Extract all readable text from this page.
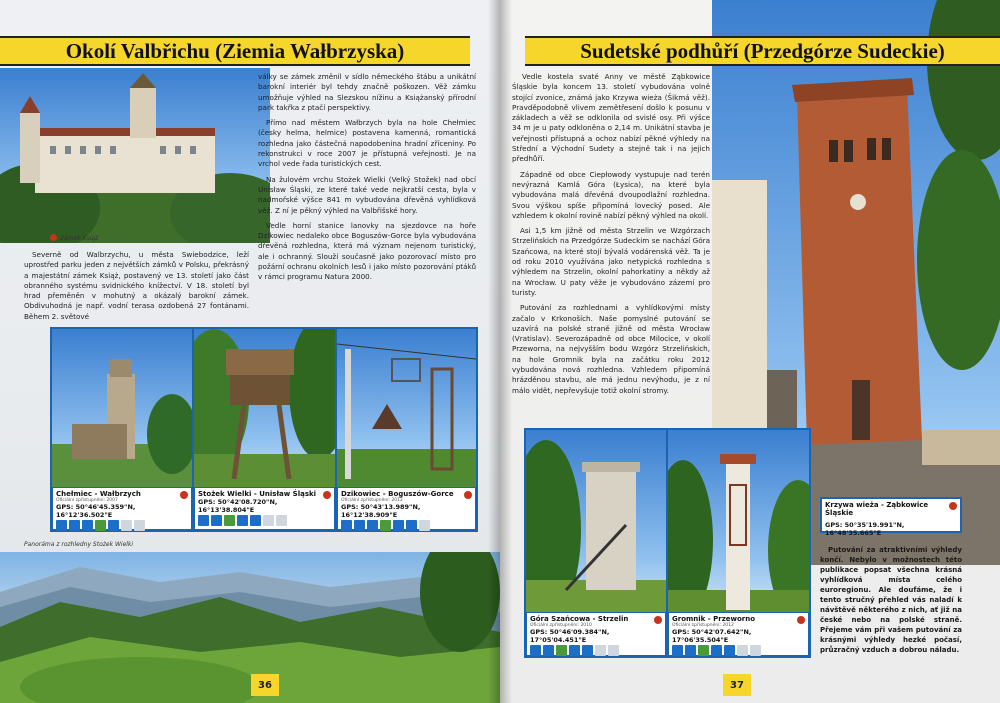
Okolí Valbřichu (Ziemia Wałbrzyska)
Zámek Książ

Severně od Walbrzychu, u města Swiebodzice, leží uprostřed parku jeden z největších zámků v Polsku, překrásný a majestátní zámek Książ, postavený ve 13. století jako část obranného systému svidnického knížectví. V 18. století byl hrad přeměněn v mohutný a okázalý barokní zámek. Obdivuhodná je např. vodní terasa ozdobená 27 fontánami. Během 2. světové

války se zámek změnil v sídlo německého štábu a unikátní barokní interiér byl tehdy značně poškozen. Věž zámku umožňuje výhled na Slezskou nížinu a Książanský přírodní park takřka z ptačí perspektivy.

Přímo nad městem Wałbrzych byla na hole Chełmiec (česky helma, helmice) postavena kamenná, romantická rozhledna jako částečná napodobenina hradní zříceniny. Po rekonstrukci v roce 2007 je přístupná veřejnosti. Je na vrchol vede řada turistických cest.

Na žulovém vrchu Stożek Wielki (Velký Stožek) nad obcí Unisław Śląski, ze které také vede nejkratší cesta, byla v nadmořské výšce 841 m vybudována dřevěná vyhlídková věž. Z ní je pěkný výhled na Valbřišské hory.

Vedle horní stanice lanovky na sjezdovce na hoře Dzikowiec nedaleko obce Boguszów-Gorce byla vybudována dřevěná rozhledna, která má význam nejenom turistický, ale i ochranný. Slouží současně jako pozorovací místo pro požární ochranu okolních lesů i jako místo pozorování ptáků v rámci programu Natura 2000.

Chełmiec - Wałbrzych
Oficiální zpřístupnění: 2007
GPS: 50°46'45.359"N, 16°12'36.502"E
Stożek Wielki - Unisław Śląski
GPS: 50°42'08.720"N, 16°13'38.804"E
Dzikowiec - Boguszów-Gorce
Oficiální zpřístupnění: 2012
GPS: 50°43'13.989"N, 16°12'38.909"E
Panoráma z rozhledny Stożek Wielki
36
Sudetské podhůří (Przedgórze Sudeckie)

Vedle kostela svaté Anny ve městě Ząbkowice Śląskie byla koncem 13. století vybudována volně stojící zvonice, známá jako Krzywa wieża (Šikmá věž). Pravděpodobně vlivem zemětřesení došlo k posunu v základech a věž se odklonila od svislé osy. Při výšce 34 m je u paty odkloněna o 2,14 m. Unikátní stavba je veřejnosti přístupná a ochoz nabízí pěkné výhledy na Střední a Východní Sudety a stejně tak i na jejich předhůří.

Západně od obce Ciepłowody vystupuje nad terén nevýrazná Kamlá Góra (Łysica), na které byla vybudována malá dřevěná dvoupodlažní rozhledna. Svou výškou spíše připomíná lovecký posed. Ale vzhledem k okolní rovině nabízí pěkný výhled na okolí.

Asi 1,5 km jižně od města Strzelin ve Wzgórzach Strzelińskich na Przedgórze Sudeckim se nachází Góra Szańcowa, na které stojí bývalá vodárenská věž. Ta je od roku 2010 využívána jako netypická rozhledna s výhledem na Strzelin, okolní pahorkatiny a někdy až na Wrocław. U paty věže je vybudováno zázemí pro turisty.

Putování za rozhlednami a vyhlídkovými místy začalo v Krkonoších. Naše pomyslné putování se uzavírá na polské straně jižně od města Wrocław (Vratislav). Severozápadně od obce Milocice, v okolí Przeworna, na nejvyšším bodu Wzgórz Strzelińskich, na hole Gromnik byla na začátku roku 2012 vybudována nová rozhledna. Vzhledem připomíná hrázděnou stavbu, ale má jednu nevýhodu, je z ní málo vidět, nepřevyšuje totiž okolní stromy.

Góra Szańcowa - Strzelin
Oficiální zpřístupnění: 2010
GPS: 50°46'09.384"N, 17°05'04.451"E
Gromnik - Przeworno
Oficiální zpřístupnění: 2012
GPS: 50°42'07.642"N, 17°06'35.504"E
Krzywa wieża - Ząbkowice Śląskie
GPS: 50°35'19.991"N, 16°48'35.665"E

Putování za atraktivními výhledy končí. Nebylo v možnostech této publikace popsat všechna krásná vyhlídková místa celého euroregionu. Ale doufáme, že i tento stručný přehled vás naladí k návštěvě některého z nich, ať již na české nebo na polské straně. Přejeme vám při vašem putování za krásnými výhledy hezké počasí, průzračný vzduch a dobrou náladu.

37
